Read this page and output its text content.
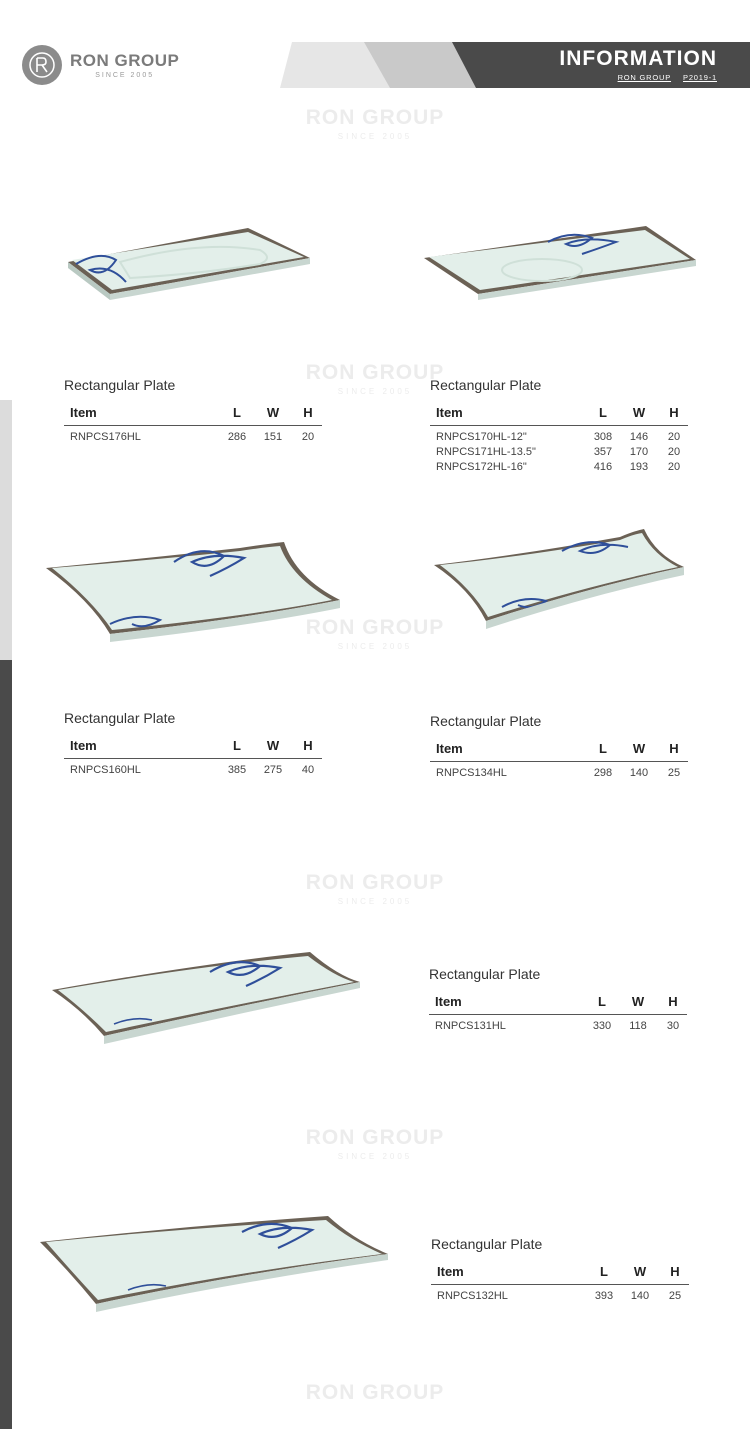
RON GROUP
SINCE 2005
INFORMATION
RON GROUP P2019-1
RON GROUP
SINCE 2005
RON GROUP
SINCE 2005
RON GROUP
SINCE 2005
RON GROUP
SINCE 2005
RON GROUP
SINCE 2005
RON GROUP
Rectangular Plate
Item	L	W	H
RNPCS176HL	286	151	20
Rectangular Plate
Item	L	W	H
RNPCS170HL-12"	308	146	20
RNPCS171HL-13.5"	357	170	20
RNPCS172HL-16"	416	193	20
Rectangular Plate
Item	L	W	H
RNPCS160HL	385	275	40
Rectangular Plate
Item	L	W	H
RNPCS134HL	298	140	25
Rectangular Plate
Item	L	W	H
RNPCS131HL	330	118	30
Rectangular Plate
Item	L	W	H
RNPCS132HL	393	140	25
